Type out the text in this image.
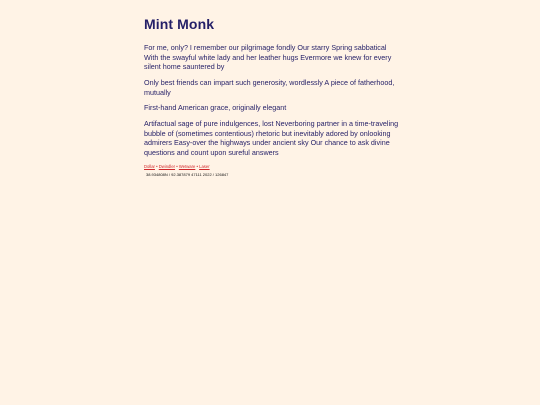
Mint Monk

For me, only? I remember our pilgrimage fondly Our starry Spring sabbatical With the swayful white lady and her leather hugs Evermore we knew for every silent home sauntered by

Only best friends can impart such generosity, wordlessly A piece of fatherhood, mutually

First-hand American grace, originally elegant

Artifactual sage of pure indulgences, lost Neverboring partner in a time-traveling bubble of (sometimes contentious) rhetoric but inevitably adored by onlooking admirers Easy-over the highways under ancient sky Our chance to ask divine questions and count upon sureful answers

Dollar • Dwindler • Wetware • Laser
38.934808N / 92.387879 47111 2022 / 126847
